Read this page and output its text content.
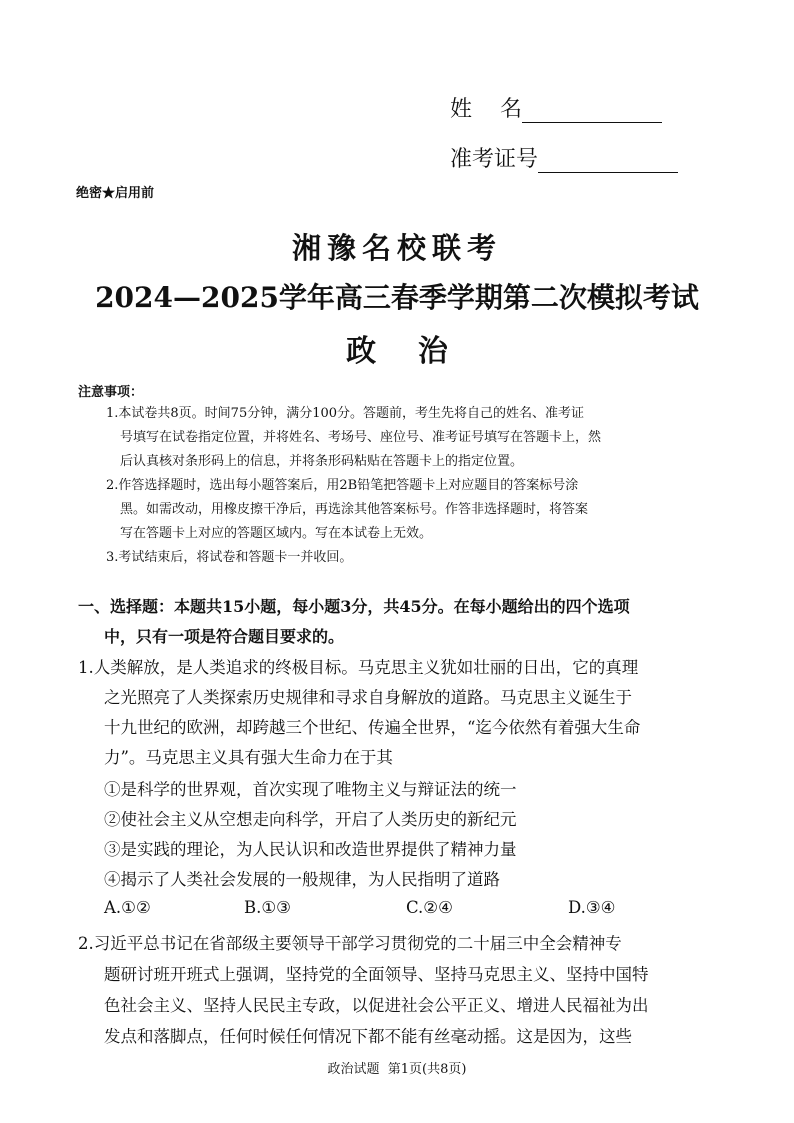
姓    名
准考证号
绝密★启用前
湘豫名校联考
2024—2025学年高三春季学期第二次模拟考试
政    治
注意事项：
1.本试卷共8页。时间75分钟，满分100分。答题前，考生先将自己的姓名、准考证
号填写在试卷指定位置，并将姓名、考场号、座位号、准考证号填写在答题卡上，然
后认真核对条形码上的信息，并将条形码粘贴在答题卡上的指定位置。
2.作答选择题时，选出每小题答案后，用2B铅笔把答题卡上对应题目的答案标号涂
黑。如需改动，用橡皮擦干净后，再选涂其他答案标号。作答非选择题时，将答案
写在答题卡上对应的答题区域内。写在本试卷上无效。
3.考试结束后，将试卷和答题卡一并收回。
一、选择题：本题共15小题，每小题3分，共45分。在每小题给出的四个选项
中，只有一项是符合题目要求的。
1.人类解放，是人类追求的终极目标。马克思主义犹如壮丽的日出，它的真理
之光照亮了人类探索历史规律和寻求自身解放的道路。马克思主义诞生于
十九世纪的欧洲，却跨越三个世纪、传遍全世界，“迄今依然有着强大生命
力”。马克思主义具有强大生命力在于其
①是科学的世界观，首次实现了唯物主义与辩证法的统一
②使社会主义从空想走向科学，开启了人类历史的新纪元
③是实践的理论，为人民认识和改造世界提供了精神力量
④揭示了人类社会发展的一般规律，为人民指明了道路
A.①②	B.①③	C.②④	D.③④
2.习近平总书记在省部级主要领导干部学习贯彻党的二十届三中全会精神专
题研讨班开班式上强调，坚持党的全面领导、坚持马克思主义、坚持中国特
色社会主义、坚持人民民主专政，以促进社会公平正义、增进人民福祉为出
发点和落脚点，任何时候任何情况下都不能有丝毫动摇。这是因为，这些
政治试题  第1页(共8页)
